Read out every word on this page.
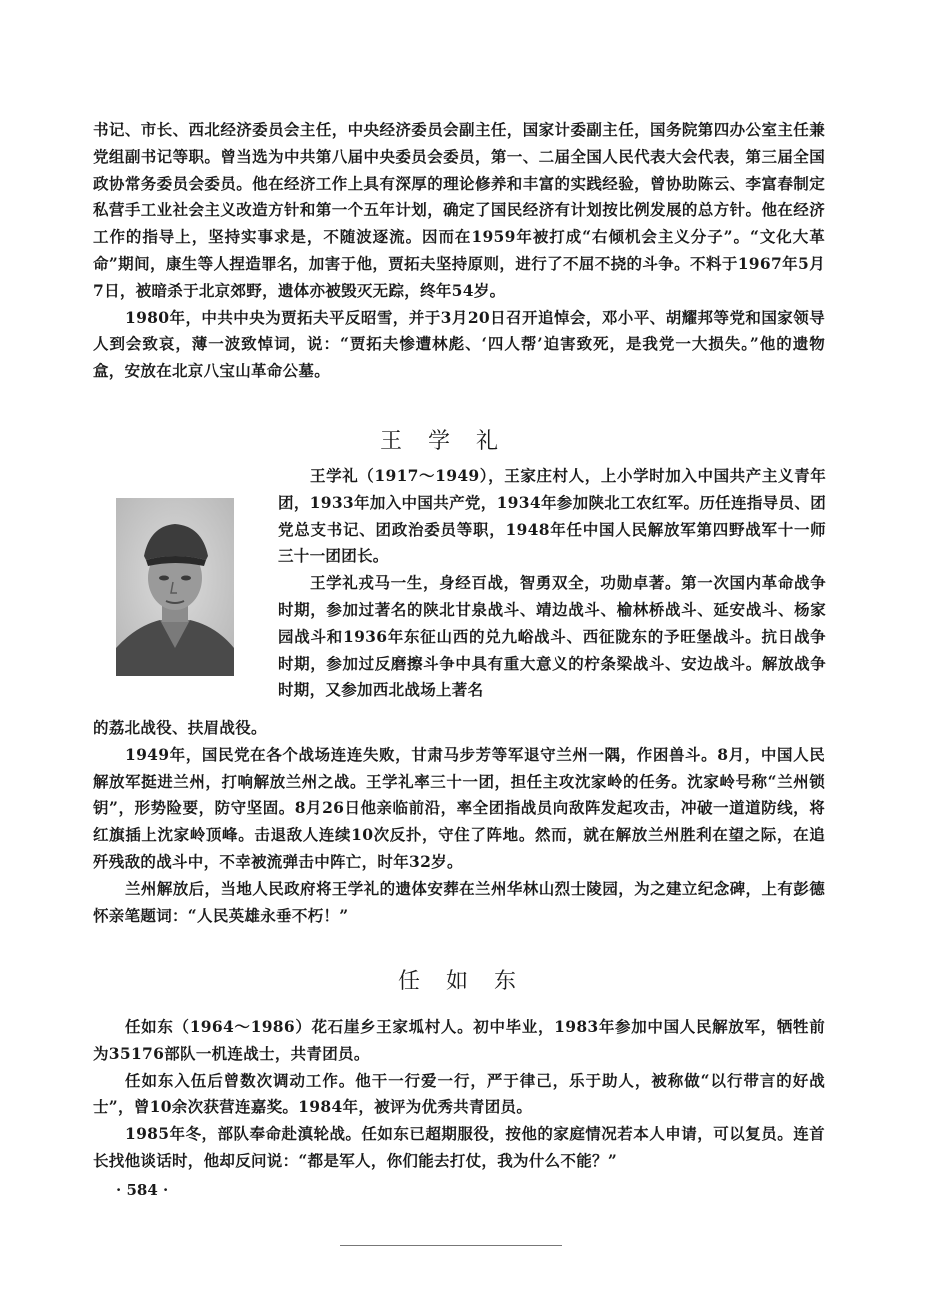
书记、市长、西北经济委员会主任，中央经济委员会副主任，国家计委副主任，国务院第四办公室主任兼党组副书记等职。曾当选为中共第八届中央委员会委员，第一、二届全国人民代表大会代表，第三届全国政协常务委员会委员。他在经济工作上具有深厚的理论修养和丰富的实践经验，曾协助陈云、李富春制定私营手工业社会主义改造方针和第一个五年计划，确定了国民经济有计划按比例发展的总方针。他在经济工作的指导上，坚持实事求是，不随波逐流。因而在1959年被打成“右倾机会主义分子”。“文化大革命”期间，康生等人捏造罪名，加害于他，贾拓夫坚持原则，进行了不屈不挠的斗争。不料于1967年5月7日，被暗杀于北京郊野，遗体亦被毁灭无踪，终年54岁。

1980年，中共中央为贾拓夫平反昭雪，并于3月20日召开追悼会，邓小平、胡耀邦等党和国家领导人到会致哀，薄一波致悼词，说：“贾拓夫惨遭林彪、‘四人帮’迫害致死，是我党一大损失。”他的遗物盒，安放在北京八宝山革命公墓。

王学礼

王学礼（1917～1949），王家庄村人，上小学时加入中国共产主义青年团，1933年加入中国共产党，1934年参加陕北工农红军。历任连指导员、团党总支书记、团政治委员等职，1948年任中国人民解放军第四野战军十一师三十一团团长。

王学礼戎马一生，身经百战，智勇双全，功勋卓著。第一次国内革命战争时期，参加过著名的陕北甘泉战斗、靖边战斗、榆林桥战斗、延安战斗、杨家园战斗和1936年东征山西的兑九峪战斗、西征陇东的予旺堡战斗。抗日战争时期，参加过反磨擦斗争中具有重大意义的柠条梁战斗、安边战斗。解放战争时期，又参加西北战场上著名

的荔北战役、扶眉战役。

1949年，国民党在各个战场连连失败，甘肃马步芳等军退守兰州一隅，作困兽斗。8月，中国人民解放军挺进兰州，打响解放兰州之战。王学礼率三十一团，担任主攻沈家岭的任务。沈家岭号称“兰州锁钥”，形势险要，防守坚固。8月26日他亲临前沿，率全团指战员向敌阵发起攻击，冲破一道道防线，将红旗插上沈家岭顶峰。击退敌人连续10次反扑，守住了阵地。然而，就在解放兰州胜利在望之际，在追歼残敌的战斗中，不幸被流弹击中阵亡，时年32岁。

兰州解放后，当地人民政府将王学礼的遗体安葬在兰州华林山烈士陵园，为之建立纪念碑，上有彭德怀亲笔题词：“人民英雄永垂不朽！”

任如东

任如东（1964～1986）花石崖乡王家坬村人。初中毕业，1983年参加中国人民解放军，牺牲前为35176部队一机连战士，共青团员。

任如东入伍后曾数次调动工作。他干一行爱一行，严于律己，乐于助人，被称做“以行带言的好战士”，曾10余次获营连嘉奖。1984年，被评为优秀共青团员。

1985年冬，部队奉命赴滇轮战。任如东已超期服役，按他的家庭情况若本人申请，可以复员。连首长找他谈话时，他却反问说：“都是军人，你们能去打仗，我为什么不能？”

· 584 ·
